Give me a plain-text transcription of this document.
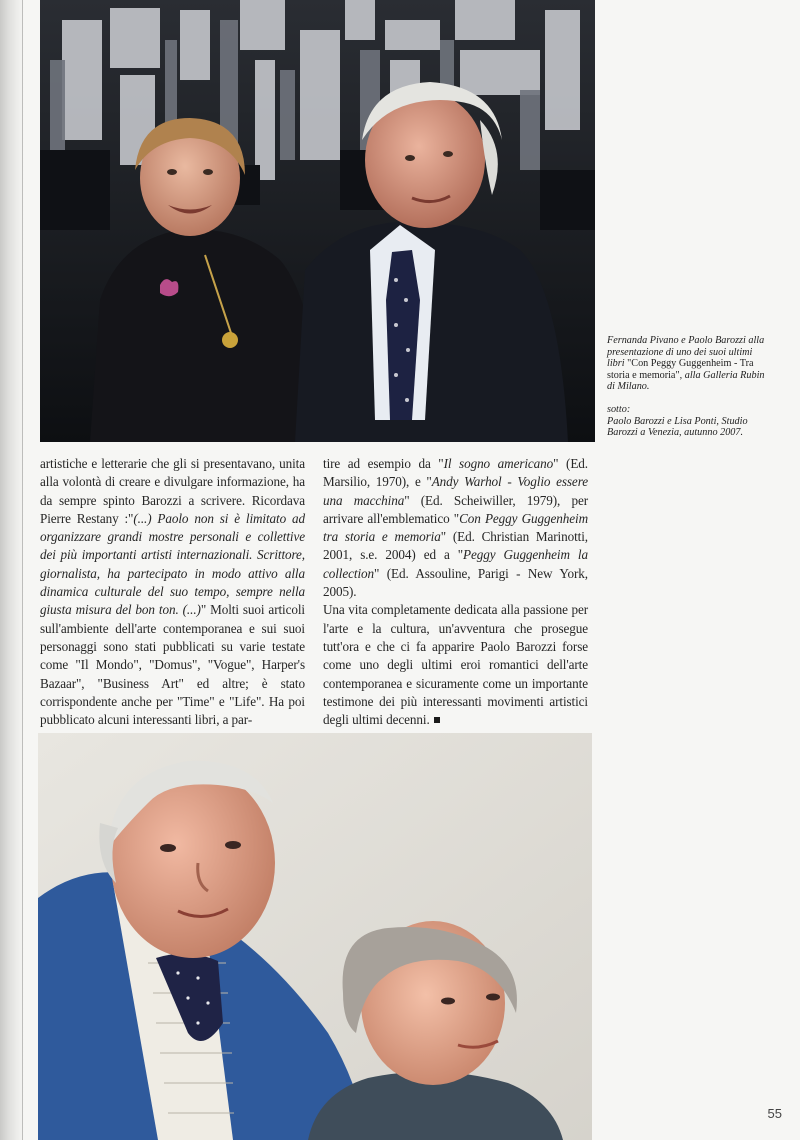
Fernanda Pivano e Paolo Barozzi alla presentazione di uno dei suoi ultimi libri "Con Peggy Guggenheim - Tra storia e memoria", alla Galleria Rubin di Milano.

sotto:

Paolo Barozzi e Lisa Ponti, Studio Barozzi a Venezia, autunno 2007.

artistiche e letterarie che gli si presentavano, unita alla volontà di creare e divulgare informazione, ha da sempre spinto Barozzi a scrivere. Ricordava Pierre Restany :"(...) Paolo non si è limitato ad organizzare grandi mostre personali e collettive dei più importanti artisti internazionali. Scrittore, giornalista, ha partecipato in modo attivo alla dinamica culturale del suo tempo, sempre nella giusta misura del bon ton. (...)" Molti suoi articoli sull'ambiente dell'arte contemporanea e sui suoi personaggi sono stati pubblicati su varie testate come "Il Mondo", "Domus", "Vogue", Harper's Bazaar", "Business Art" ed altre; è stato corrispondente anche per "Time" e "Life". Ha poi pubblicato alcuni interessanti libri, a par-

tire ad esempio da "Il sogno americano" (Ed. Marsilio, 1970), e "Andy Warhol - Voglio essere una macchina" (Ed. Scheiwiller, 1979), per arrivare all'emblematico "Con Peggy Guggenheim tra storia e memoria" (Ed. Christian Marinotti, 2001, s.e. 2004) ed a "Peggy Guggenheim la collection" (Ed. Assouline, Parigi - New York, 2005).

Una vita completamente dedicata alla passione per l'arte e la cultura, un'avventura che prosegue tutt'ora e che ci fa apparire Paolo Barozzi forse come uno degli ultimi eroi romantici dell'arte contemporanea e sicuramente come un importante testimone dei più interessanti movimenti artistici degli ultimi decenni.

55
